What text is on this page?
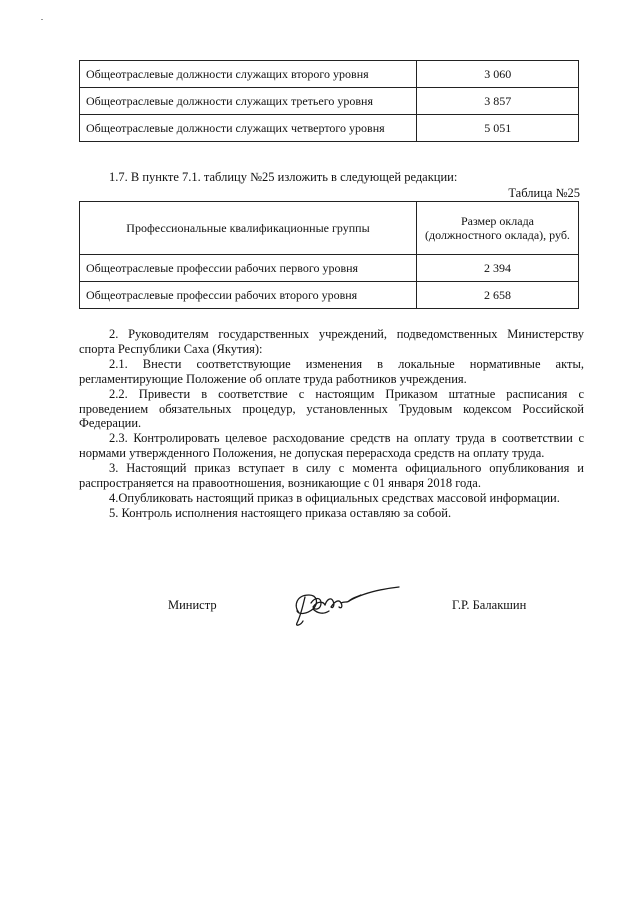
Общеотраслевые должности служащих второго уровня	3 060
Общеотраслевые должности служащих третьего уровня	3 857
Общеотраслевые должности служащих четвертого уровня	5 051
1.7. В пункте 7.1. таблицу №25 изложить в следующей редакции:
Таблица №25
Профессиональные квалификационные группы	Размер оклада (должностного оклада), руб.
Общеотраслевые профессии рабочих первого уровня	2 394
Общеотраслевые профессии рабочих второго уровня	2 658

2. Руководителям государственных учреждений, подведомственных Министерству спорта Республики Саха (Якутия):

2.1. Внести соответствующие изменения в локальные нормативные акты, регламентирующие Положение об оплате труда работников учреждения.

2.2. Привести в соответствие с настоящим Приказом штатные расписания с проведением обязательных процедур, установленных Трудовым кодексом Российской Федерации.

2.3. Контролировать целевое расходование средств на оплату труда в соответствии с нормами утвержденного Положения, не допуская перерасхода средств на оплату труда.

3. Настоящий приказ вступает в силу с момента официального опубликования и распространяется на правоотношения, возникающие с 01 января 2018 года.

4.Опубликовать настоящий приказ в официальных средствах массовой информации.

5. Контроль исполнения настоящего приказа оставляю за собой.

Министр	Г.Р. Балакшин
